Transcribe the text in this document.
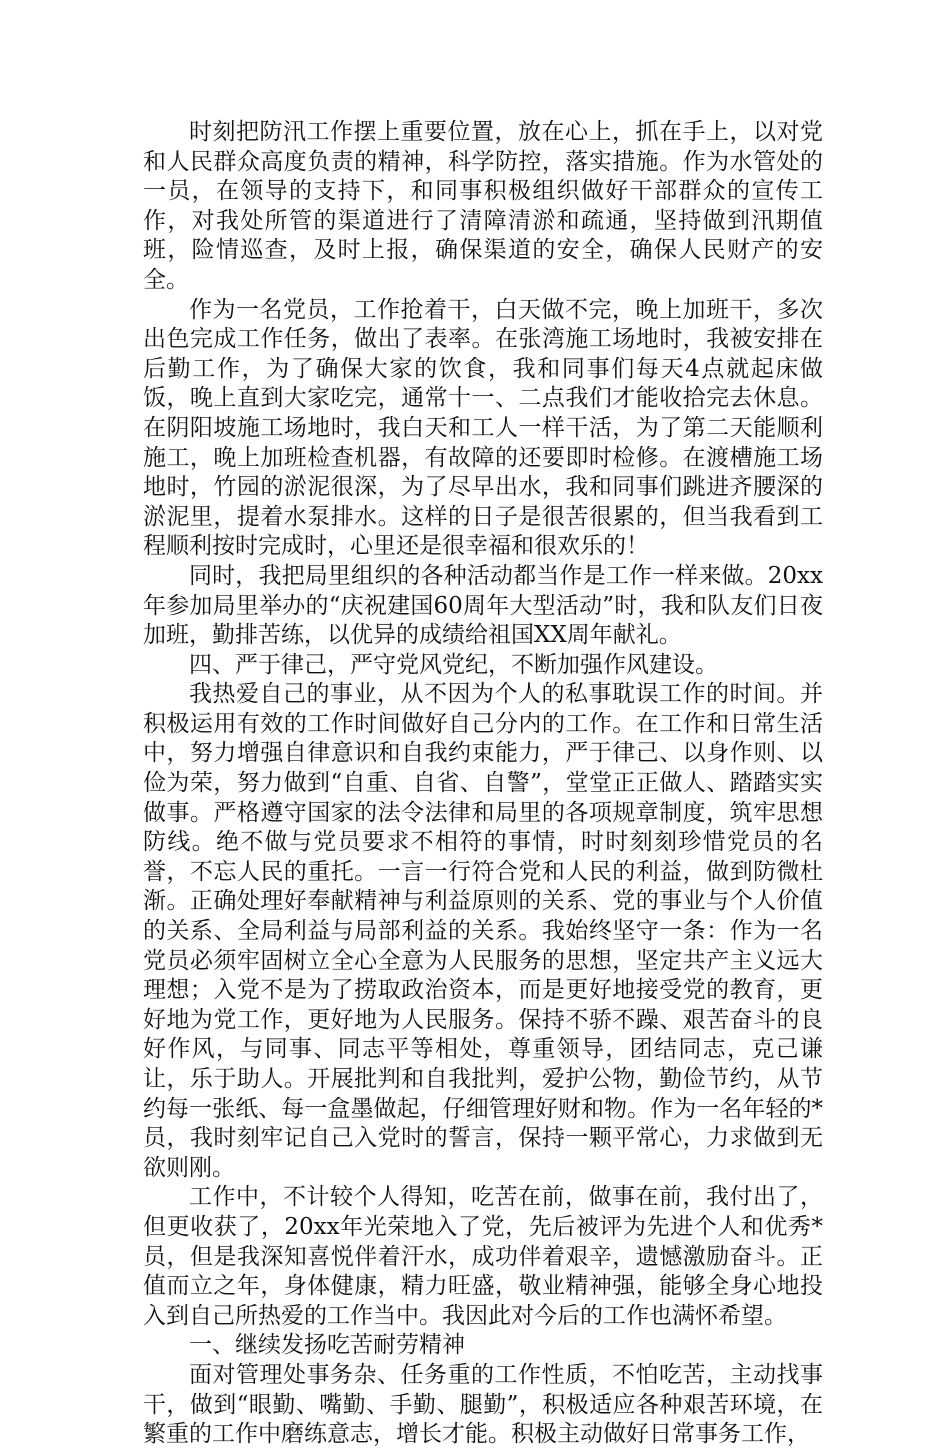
时刻把防汛工作摆上重要位置，放在心上，抓在手上，以对党和人民群众高度负责的精神，科学防控，落实措施。作为水管处的一员，在领导的支持下，和同事积极组织做好干部群众的宣传工作，对我处所管的渠道进行了清障清淤和疏通，坚持做到汛期值班，险情巡查，及时上报，确保渠道的安全，确保人民财产的安全。

作为一名党员，工作抢着干，白天做不完，晚上加班干，多次出色完成工作任务，做出了表率。在张湾施工场地时，我被安排在后勤工作，为了确保大家的饮食，我和同事们每天4点就起床做饭，晚上直到大家吃完，通常十一、二点我们才能收拾完去休息。在阴阳坡施工场地时，我白天和工人一样干活，为了第二天能顺利施工，晚上加班检查机器，有故障的还要即时检修。在渡槽施工场地时，竹园的淤泥很深，为了尽早出水，我和同事们跳进齐腰深的淤泥里，提着水泵排水。这样的日子是很苦很累的，但当我看到工程顺利按时完成时，心里还是很幸福和很欢乐的！

同时，我把局里组织的各种活动都当作是工作一样来做。20xx年参加局里举办的“庆祝建国60周年大型活动”时，我和队友们日夜加班，勤排苦练，以优异的成绩给祖国XX周年献礼。

四、严于律己，严守党风党纪，不断加强作风建设。

我热爱自己的事业，从不因为个人的私事耽误工作的时间。并积极运用有效的工作时间做好自己分内的工作。在工作和日常生活中，努力增强自律意识和自我约束能力，严于律己、以身作则、以俭为荣，努力做到“自重、自省、自警”，堂堂正正做人、踏踏实实做事。严格遵守国家的法令法律和局里的各项规章制度，筑牢思想防线。绝不做与党员要求不相符的事情，时时刻刻珍惜党员的名誉，不忘人民的重托。一言一行符合党和人民的利益，做到防微杜渐。正确处理好奉献精神与利益原则的关系、党的事业与个人价值的关系、全局利益与局部利益的关系。我始终坚守一条：作为一名党员必须牢固树立全心全意为人民服务的思想，坚定共产主义远大理想；入党不是为了捞取政治资本，而是更好地接受党的教育，更好地为党工作，更好地为人民服务。保持不骄不躁、艰苦奋斗的良好作风，与同事、同志平等相处，尊重领导，团结同志，克己谦让，乐于助人。开展批判和自我批判，爱护公物，勤俭节约，从节约每一张纸、每一盒墨做起，仔细管理好财和物。作为一名年轻的*员，我时刻牢记自己入党时的誓言，保持一颗平常心，力求做到无欲则刚。

工作中，不计较个人得知，吃苦在前，做事在前，我付出了，但更收获了，20xx年光荣地入了党，先后被评为先进个人和优秀*员，但是我深知喜悦伴着汗水，成功伴着艰辛，遗憾激励奋斗。正值而立之年，身体健康，精力旺盛，敬业精神强，能够全身心地投入到自己所热爱的工作当中。我因此对今后的工作也满怀希望。

一、继续发扬吃苦耐劳精神

面对管理处事务杂、任务重的工作性质，不怕吃苦，主动找事干，做到“眼勤、嘴勤、手勤、腿勤”，积极适应各种艰苦环境，在繁重的工作中磨练意志，增长才能。积极主动做好日常事务工作，
